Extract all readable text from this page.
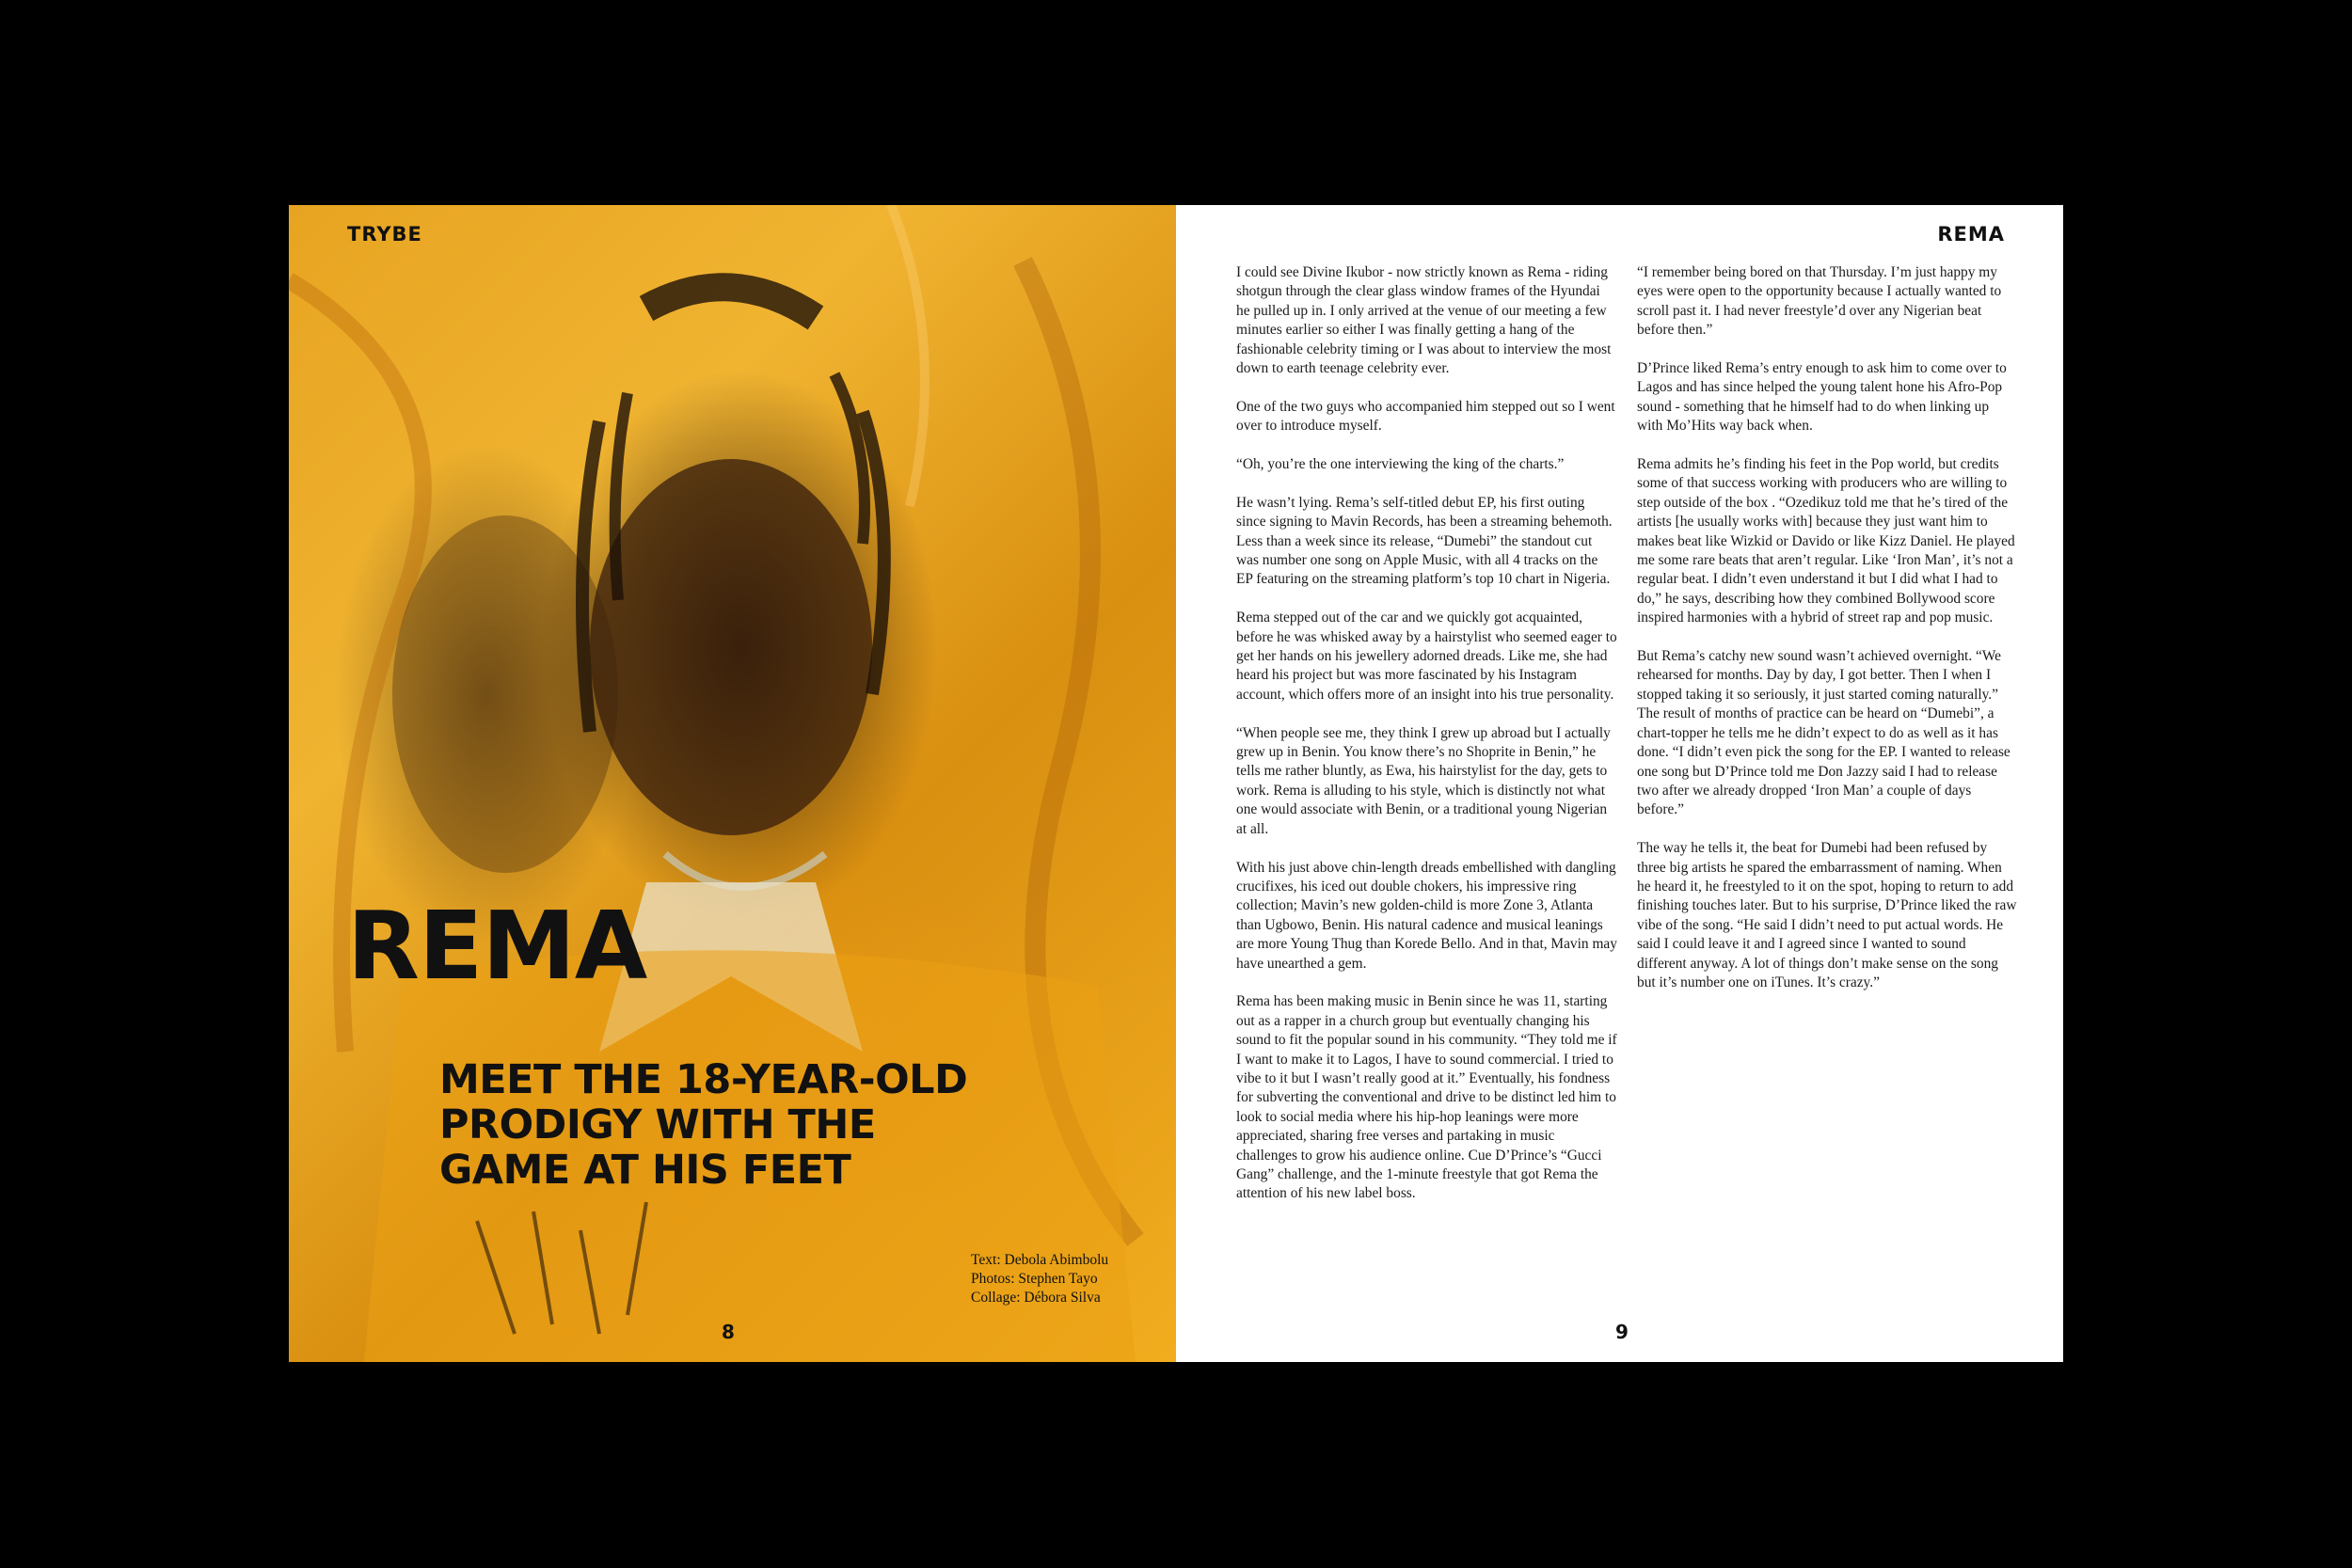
TRYBE
REMA
MEET THE 18-YEAR-OLD
PRODIGY WITH THE
GAME AT HIS FEET
Text: Debola Abimbolu
Photos: Stephen Tayo
Collage: Débora Silva
8
REMA

I could see Divine Ikubor - now strictly known as Rema - riding shotgun through the clear glass window frames of the Hyundai he pulled up in. I only arrived at the venue of our meeting a few minutes earlier so either I was finally getting a hang of the fashionable celebrity timing or I was about to interview the most down to earth teenage celebrity ever.

One of the two guys who accompanied him stepped out so I went over to introduce myself.

“Oh, you’re the one interviewing the king of the charts.”

He wasn’t lying. Rema’s self-titled debut EP, his first outing since signing to Mavin Records, has been a streaming behemoth. Less than a week since its release, “Dumebi” the standout cut was number one song on Apple Music, with all 4 tracks on the EP featuring on the streaming platform’s top 10 chart in Nigeria.

Rema stepped out of the car and we quickly got acquainted, before he was whisked away by a hairstylist who seemed eager to get her hands on his jewellery adorned dreads. Like me, she had heard his project but was more fascinated by his Instagram account, which offers more of an insight into his true personality.

“When people see me, they think I grew up abroad but I actually grew up in Benin. You know there’s no Shoprite in Benin,” he tells me rather bluntly, as Ewa, his hairstylist for the day, gets to work. Rema is alluding to his style, which is distinctly not what one would associate with Benin, or a traditional young Nigerian at all.

With his just above chin-length dreads embellished with dangling crucifixes, his iced out double chokers, his impressive ring collection; Mavin’s new golden-child is more Zone 3, Atlanta than Ugbowo, Benin. His natural cadence and musical leanings are more Young Thug than Korede Bello. And in that, Mavin may have unearthed a gem.

Rema has been making music in Benin since he was 11, starting out as a rapper in a church group but eventually changing his sound to fit the popular sound in his community. “They told me if I want to make it to Lagos, I have to sound commercial. I tried to vibe to it but I wasn’t really good at it.” Eventually, his fondness for subverting the conventional and drive to be distinct led him to look to social media where his hip-hop leanings were more appreciated, sharing free verses and partaking in music challenges to grow his audience online. Cue D’Prince’s “Gucci Gang” challenge, and the 1-minute freestyle that got Rema the attention of his new label boss.

“I remember being bored on that Thursday. I’m just happy my eyes were open to the opportunity because I actually wanted to scroll past it. I had never freestyle’d over any Nigerian beat before then.”

D’Prince liked Rema’s entry enough to ask him to come over to Lagos and has since helped the young talent hone his Afro-Pop sound - something that he himself had to do when linking up with Mo’Hits way back when.

Rema admits he’s finding his feet in the Pop world, but credits some of that success working with producers who are willing to step outside of the box . “Ozedikuz told me that he’s tired of the artists [he usually works with] because they just want him to makes beat like Wizkid or Davido or like Kizz Daniel. He played me some rare beats that aren’t regular. Like ‘Iron Man’, it’s not a regular beat. I didn’t even understand it but I did what I had to do,” he says, describing how they combined Bollywood score inspired harmonies with a hybrid of street rap and pop music.

But Rema’s catchy new sound wasn’t achieved overnight. “We rehearsed for months. Day by day, I got better. Then I when I stopped taking it so seriously, it just started coming naturally.” The result of months of practice can be heard on “Dumebi”, a chart-topper he tells me he didn’t expect to do as well as it has done. “I didn’t even pick the song for the EP. I wanted to release one song but D’Prince told me Don Jazzy said I had to release two after we already dropped ‘Iron Man’ a couple of days before.”

The way he tells it, the beat for Dumebi had been refused by three big artists he spared the embarrassment of naming. When he heard it, he freestyled to it on the spot, hoping to return to add finishing touches later. But to his surprise, D’Prince liked the raw vibe of the song. “He said I didn’t need to put actual words. He said I could leave it and I agreed since I wanted to sound different anyway. A lot of things don’t make sense on the song but it’s number one on iTunes. It’s crazy.”

9
